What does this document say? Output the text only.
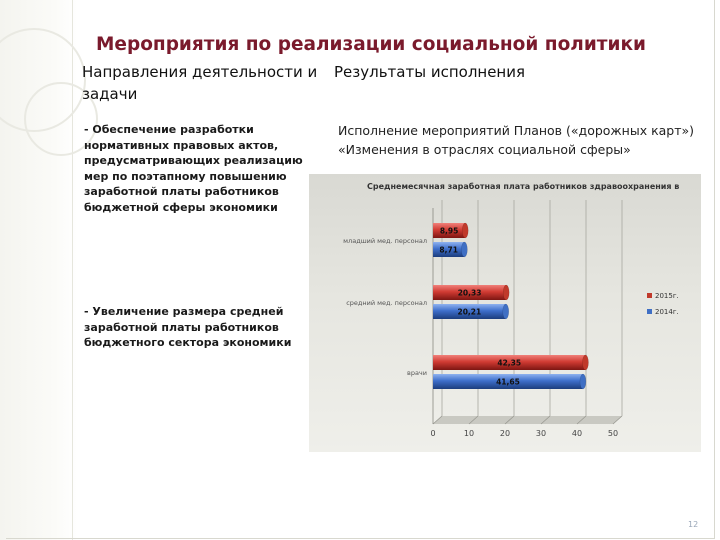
Мероприятия по реализации социальной политики
Направления деятельности и задачи
Результаты исполнения
- Обеспечение разработки нормативных правовых актов, предусматривающих реализацию мер по поэтапному повышению заработной платы работников бюджетной сферы экономики
- Увеличение размера средней заработной платы работников бюджетного сектора экономики
Исполнение мероприятий Планов («дорожных карт») «Изменения в отраслях социальной сферы»
Среднемесячная заработная плата работников здравоохранения в
0	10	20	30	40	50
младший мед. персонал
средний мед. персонал
врачи
8,95
8,71
20,33
20,21
42,35
41,65
2015г.
2014г.
12
